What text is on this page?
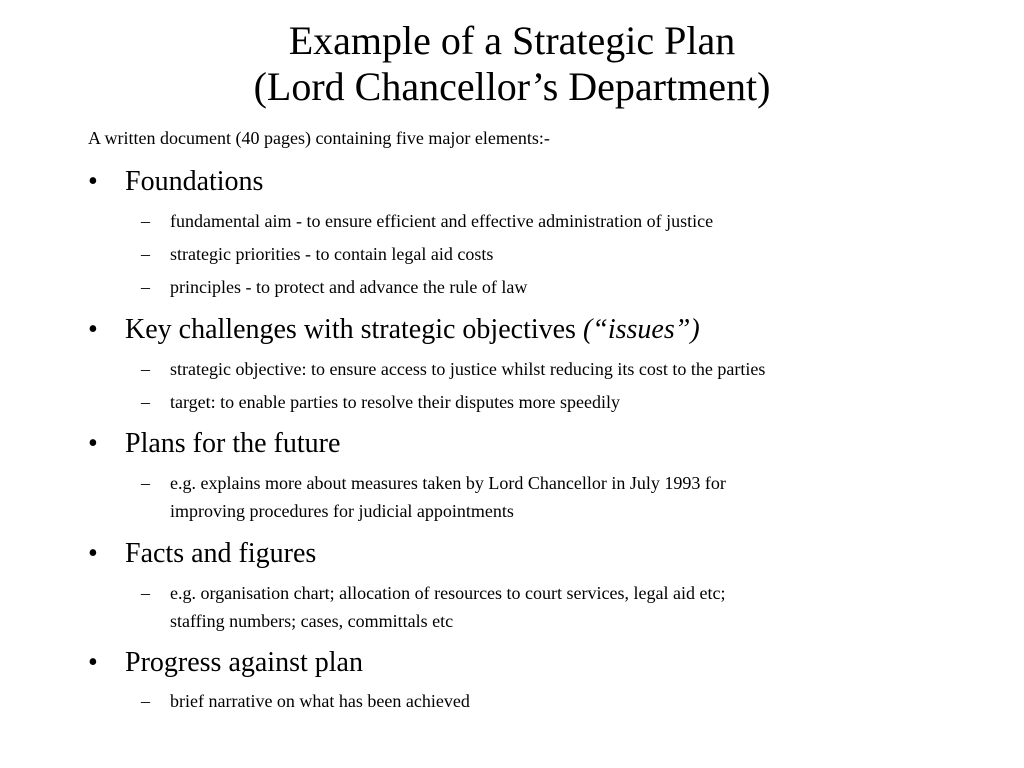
Example of a Strategic Plan
(Lord Chancellor’s Department)
A written document (40 pages) containing five major elements:-
• Foundations
– fundamental aim - to ensure efficient and effective administration of justice
– strategic priorities - to contain legal aid costs
– principles - to protect and advance the rule of law
• Key challenges with strategic objectives (“issues”)
– strategic objective: to ensure access to justice whilst reducing its cost to the parties
– target: to enable parties to resolve their disputes more speedily
• Plans for the future
– e.g. explains more about measures taken by Lord Chancellor in July 1993 for
improving procedures for judicial appointments
• Facts and figures
– e.g. organisation chart; allocation of resources to court services, legal aid etc;
staffing numbers; cases, committals etc
• Progress against plan
– brief narrative on what has been achieved
